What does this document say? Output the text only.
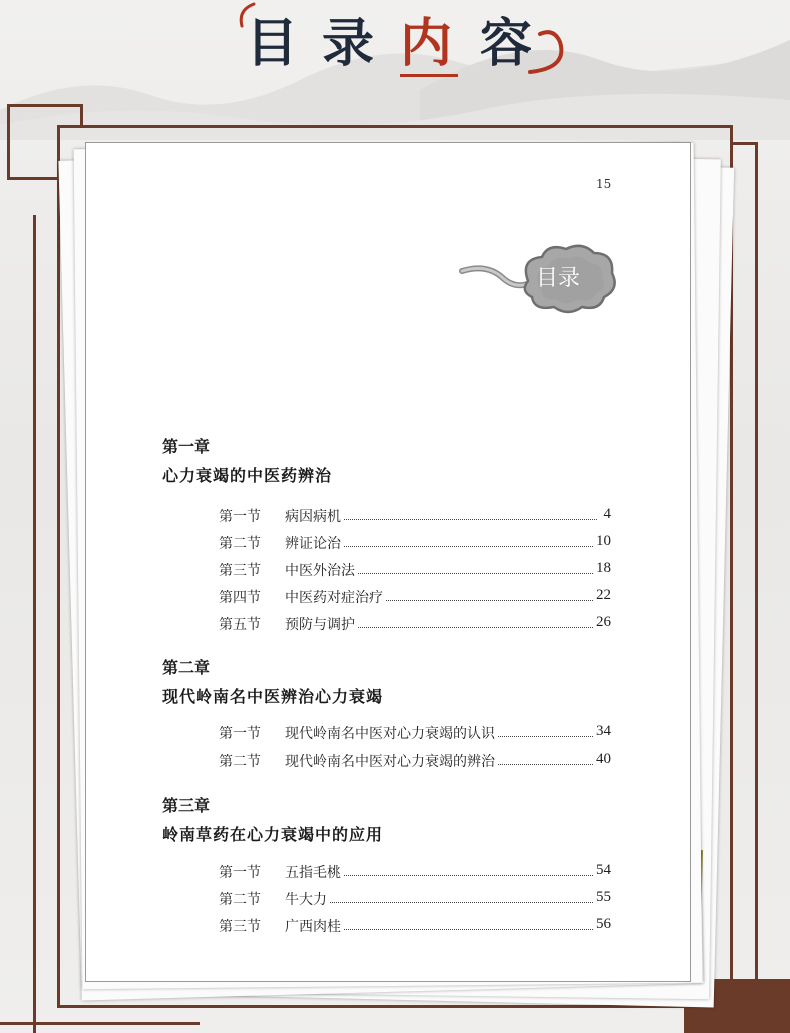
目 录 内 容
15
目录
第一章
心力衰竭的中医药辨治
第一节 病因病机	4
第二节 辨证论治	10
第三节 中医外治法	18
第四节 中医药对症治疗	22
第五节 预防与调护	26
第二章
现代岭南名中医辨治心力衰竭
第一节 现代岭南名中医对心力衰竭的认识	34
第二节 现代岭南名中医对心力衰竭的辨治	40
第三章
岭南草药在心力衰竭中的应用
第一节 五指毛桃	54
第二节 牛大力	55
第三节 广西肉桂	56
